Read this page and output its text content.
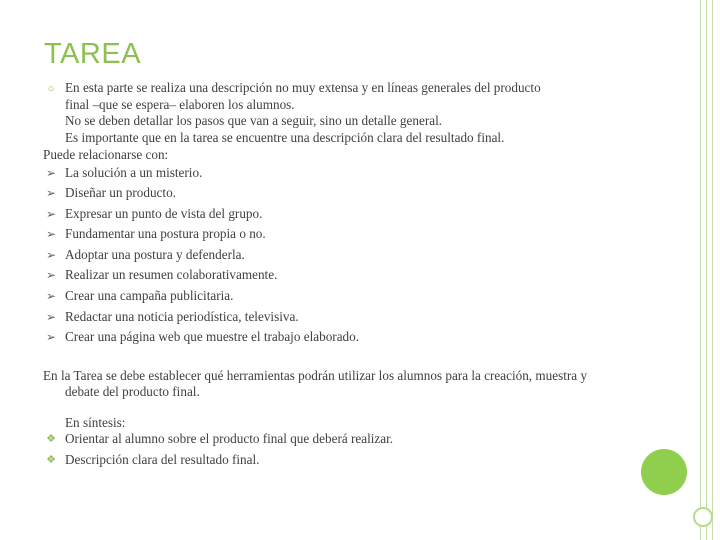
TAREA
○ En esta parte se realiza una descripción no muy extensa y en líneas generales del producto
final –que se espera– elaboren los alumnos.
No se deben detallar los pasos que van a seguir, sino un detalle general.
Es importante que en la tarea se encuentre una descripción clara del resultado final.
Puede relacionarse con:
➢ La solución a un misterio.
➢ Diseñar un producto.
➢ Expresar un punto de vista del grupo.
➢ Fundamentar una postura propia o no.
➢ Adoptar una postura y defenderla.
➢ Realizar un resumen colaborativamente.
➢ Crear una campaña publicitaria.
➢ Redactar una noticia periodística, televisiva.
➢ Crear una página web que muestre el trabajo elaborado.
En la Tarea se debe establecer qué herramientas podrán utilizar los alumnos para la creación, muestra y debate del producto final.
En síntesis:
❖ Orientar al alumno sobre el producto final que deberá realizar.
❖ Descripción clara del resultado final.
